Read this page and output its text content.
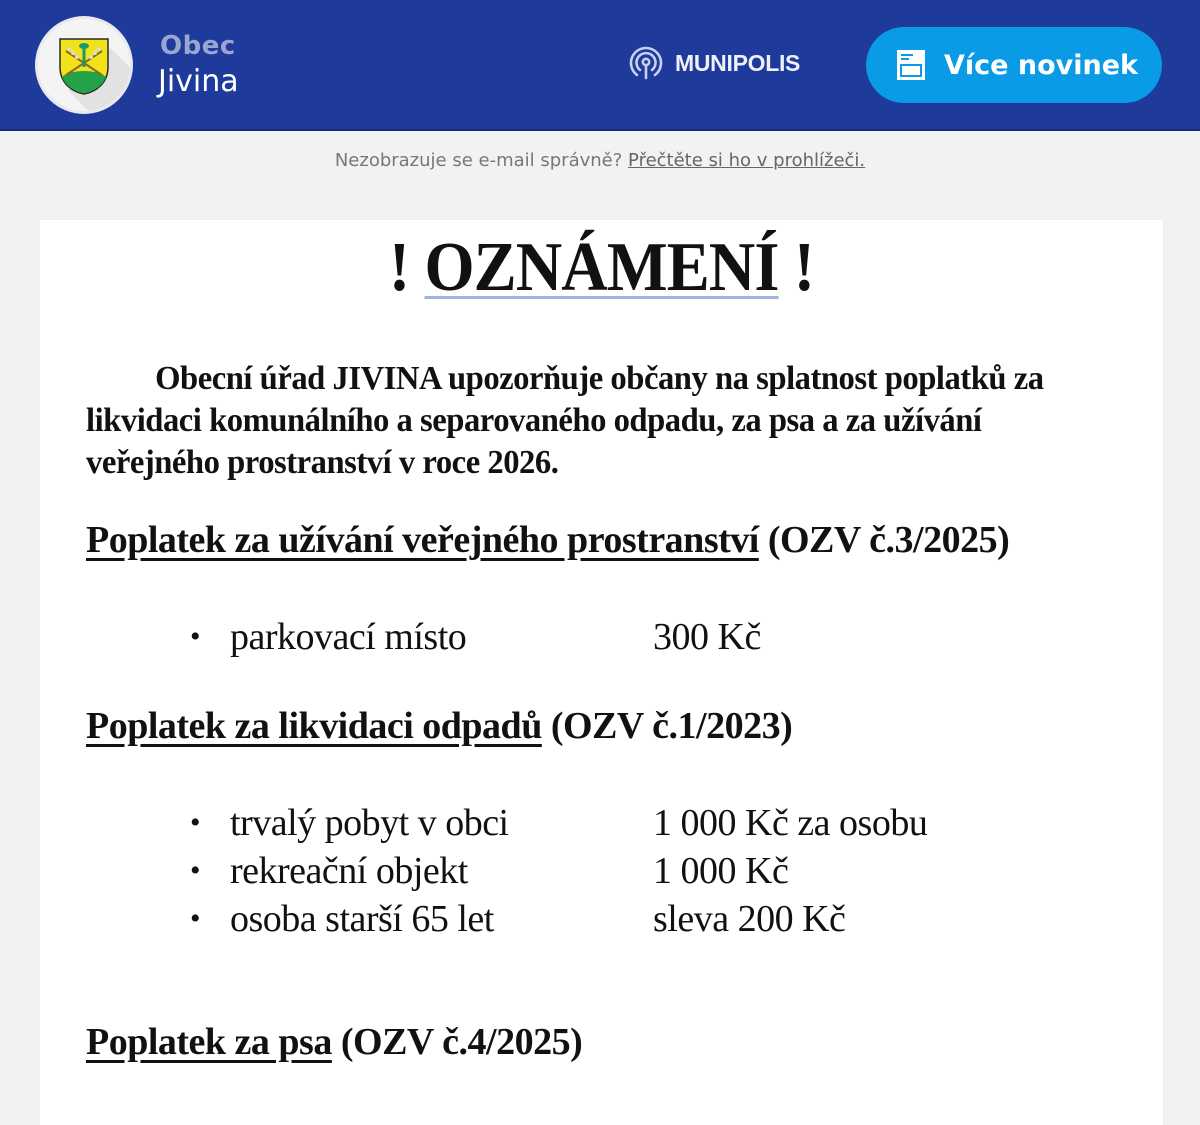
Obec
Jivina
MUNIPOLIS	Více novinek
Nezobrazuje se e-mail správně? Přečtěte si ho v prohlížeči.
! OZNÁMENÍ !

Obecní úřad JIVINA upozorňuje občany na splatnost poplatků za likvidaci komunálního a separovaného odpadu, za psa a za užívání veřejného prostranství v roce 2026.

Poplatek za užívání veřejného prostranství (OZV č.3/2025)
• parkovací místo	300 Kč
Poplatek za likvidaci odpadů (OZV č.1/2023)
• trvalý pobyt v obci	1 000 Kč za osobu
• rekreační objekt	1 000 Kč
• osoba starší 65 let	sleva 200 Kč
Poplatek za psa (OZV č.4/2025)
